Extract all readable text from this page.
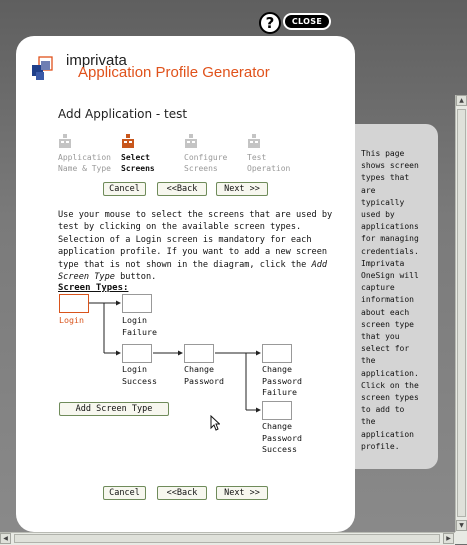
?	CLOSE
This page
shows screen
types that
are typically
used by
applications
for managing
credentials.
Imprivata
OneSign will
capture
information
about each
screen type
that you
select for the
application.
Click on the
screen types
to add to the
application
profile.
imprivata
Application Profile Generator
Add Application - test
Application
Name & Type
Select
Screens
Configure
Screens
Test
Operation
Cancel	<<Back	Next >>
Use your mouse to select the screens that are used by test by clicking on the available screen types. Selection of a Login screen is mandatory for each application profile. If you want to add a new screen type that is not shown in the diagram, click the Add Screen Type button.
Screen Types:
Login	Login
Failure
Login
Success
Change
Password
Change
Password
Failure
Change
Password
Success
Add Screen Type
Cancel	<<Back	Next >>
▲
▼
◀	▶
